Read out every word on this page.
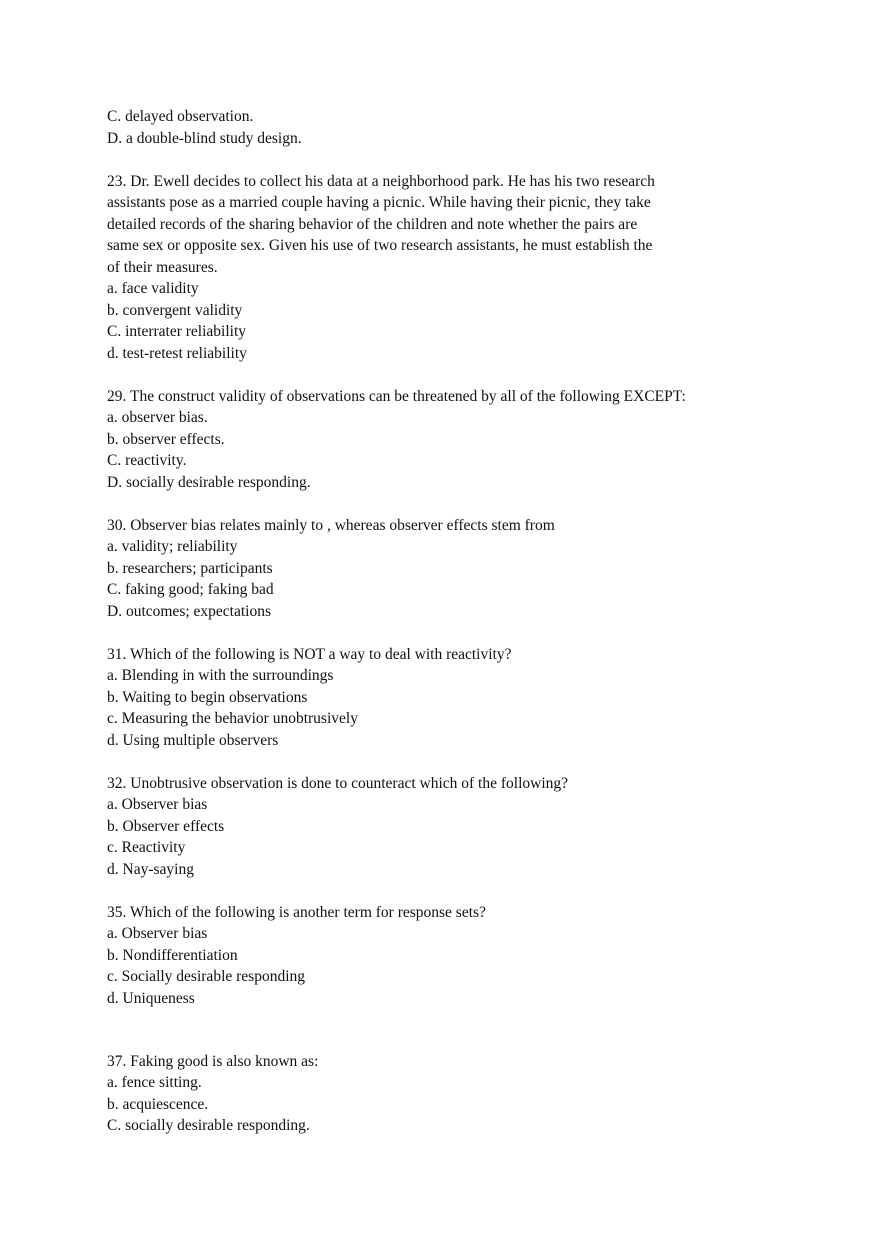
C. delayed observation.
D. a double-blind study design.
23. Dr. Ewell decides to collect his data at a neighborhood park. He has his two research
assistants pose as a married couple having a picnic. While having their picnic, they take
detailed records of the sharing behavior of the children and note whether the pairs are
same sex or opposite sex. Given his use of two research assistants, he must establish the
of their measures.
a. face validity
b. convergent validity
C. interrater reliability
d. test-retest reliability
29. The construct validity of observations can be threatened by all of the following EXCEPT:
a. observer bias.
b. observer effects.
C. reactivity.
D. socially desirable responding.
30. Observer bias relates mainly to , whereas observer effects stem from
a. validity; reliability
b. researchers; participants
C. faking good; faking bad
D. outcomes; expectations
31. Which of the following is NOT a way to deal with reactivity?
a. Blending in with the surroundings
b. Waiting to begin observations
c. Measuring the behavior unobtrusively
d. Using multiple observers
32. Unobtrusive observation is done to counteract which of the following?
a. Observer bias
b. Observer effects
c. Reactivity
d. Nay-saying
35. Which of the following is another term for response sets?
a. Observer bias
b. Nondifferentiation
c. Socially desirable responding
d. Uniqueness
37. Faking good is also known as:
a. fence sitting.
b. acquiescence.
C. socially desirable responding.
